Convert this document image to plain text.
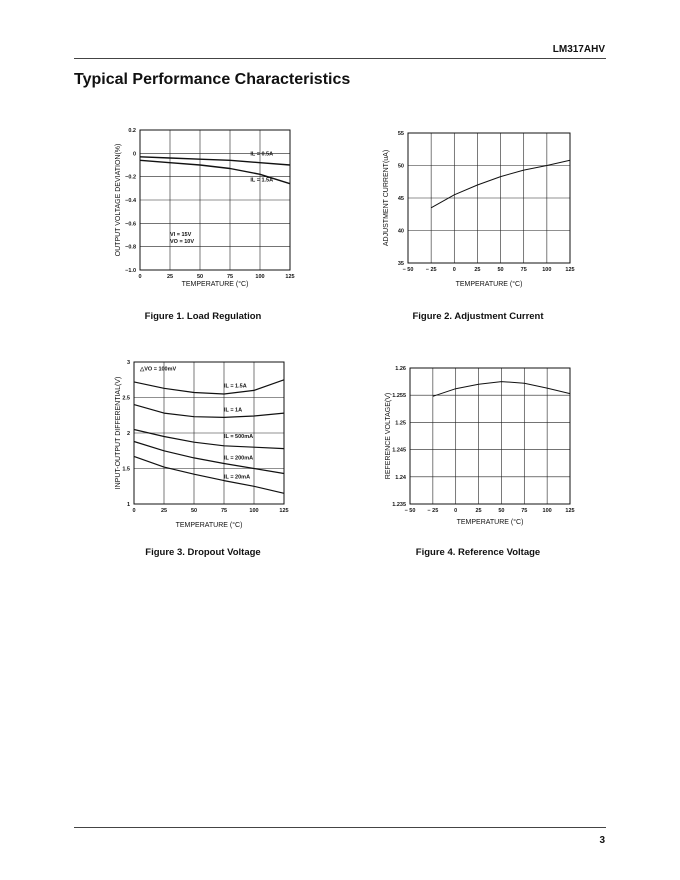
LM317AHV
Typical Performance Characteristics
0	25	50	75	100	125
0.2
0
−0.2
−0.4
−0.6
−0.8
−1.0
IL = 0.5A
IL = 1.5A
VI = 15V
VO = 10V
TEMPERATURE (°C)
OUTPUT VOLTAGE DEVIATION(%)
− 50 − 25	0	25	50	75	100	125
55
50
45
40
35
TEMPERATURE (°C)
ADJUSTMENT CURRENT(uA)
0	25	50	75	100	125
3
2.5
2
1.5
1
△VO = 100mV
IL = 1.5A
IL = 1A
IL = 500mA
IL = 200mA
IL = 20mA
TEMPERATURE (°C)
INPUT-OUTPUT DIFFERENTIAL(V)
− 50 − 25	0	25	50	75	100 125
1.26
1.255
1.25
1.245
1.24
1.235
TEMPERATURE (°C)
REFERENCE VOLTAGE(V)
Figure 1. Load Regulation	Figure 2. Adjustment Current
Figure 3. Dropout Voltage	Figure 4. Reference Voltage
3
